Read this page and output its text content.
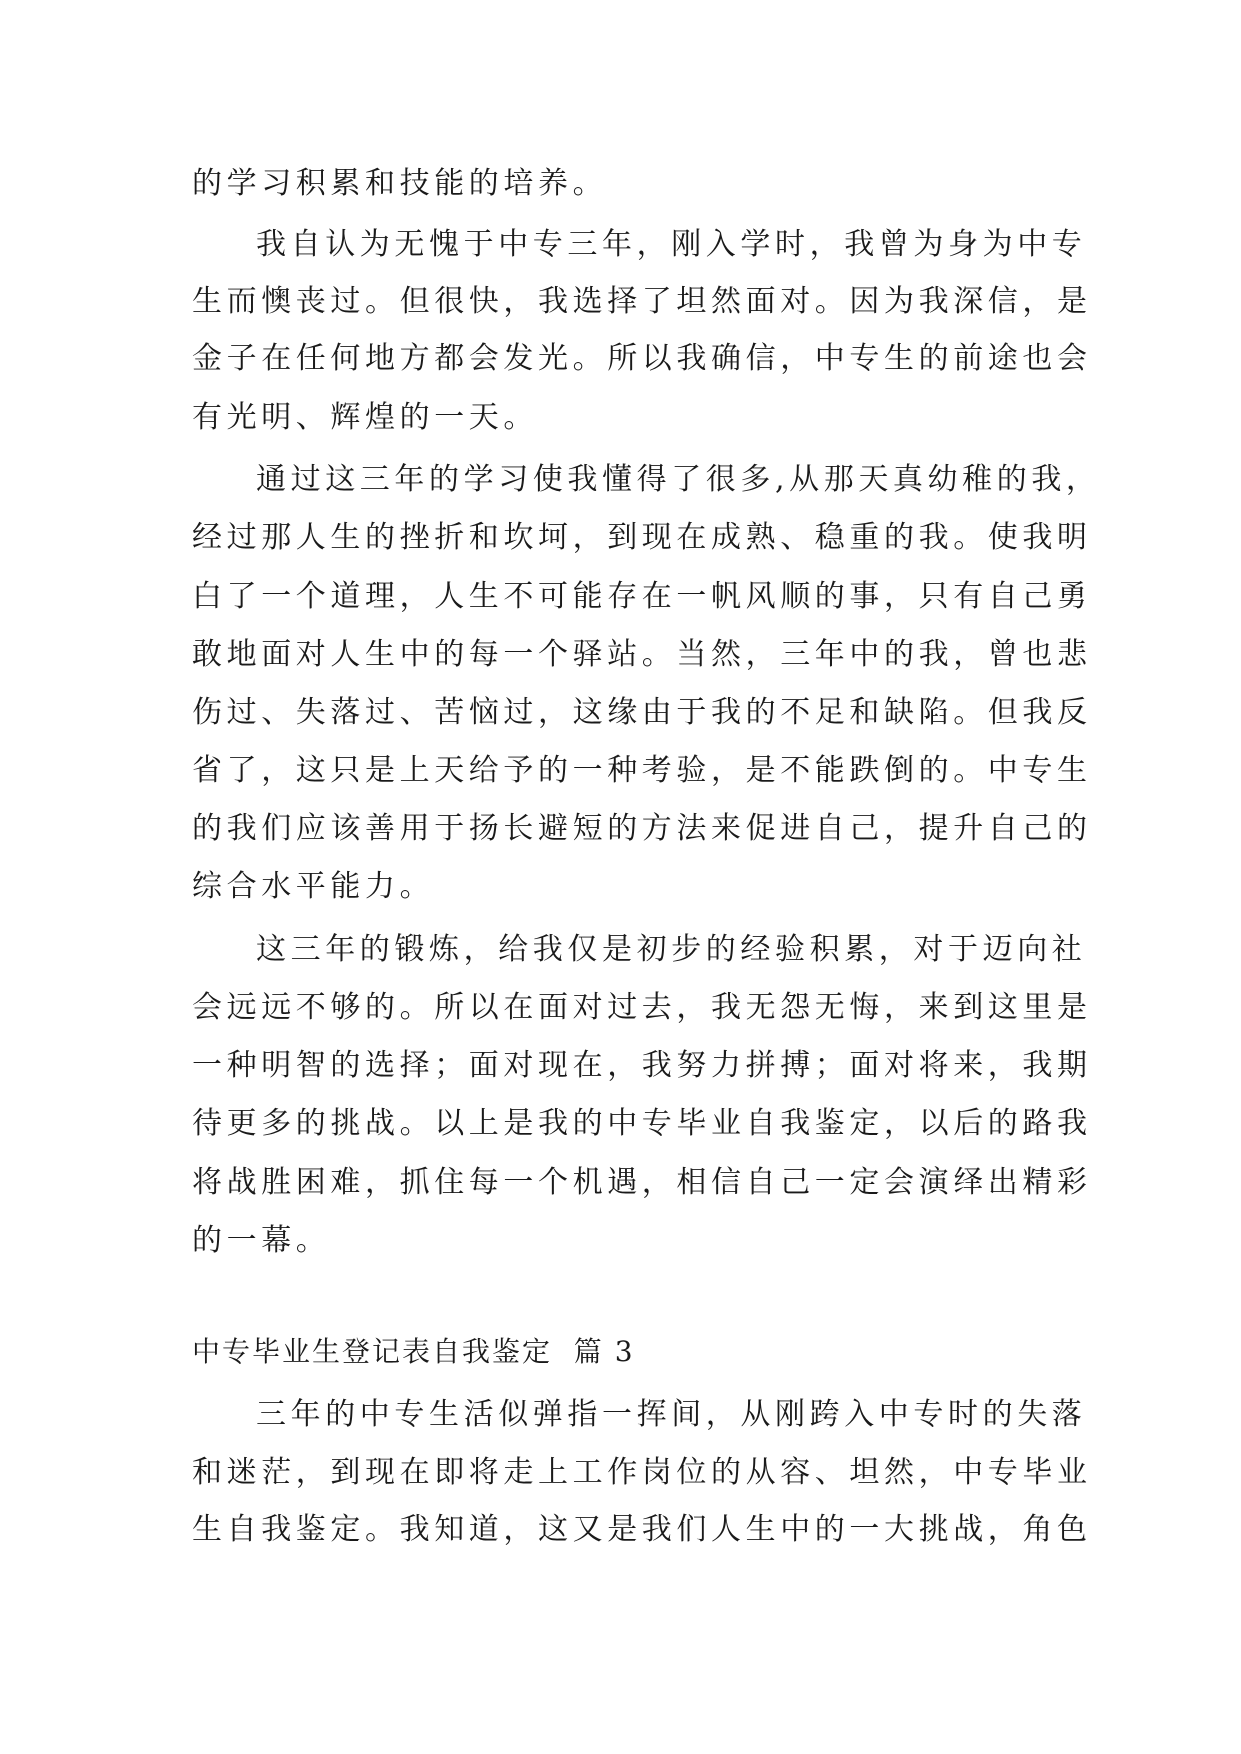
的学习积累和技能的培养。
我自认为无愧于中专三年，刚入学时，我曾为身为中专
生而懊丧过。但很快，我选择了坦然面对。因为我深信，是
金子在任何地方都会发光。所以我确信，中专生的前途也会
有光明、辉煌的一天。
通过这三年的学习使我懂得了很多,从那天真幼稚的我，
经过那人生的挫折和坎坷，到现在成熟、稳重的我。使我明
白了一个道理，人生不可能存在一帆风顺的事，只有自己勇
敢地面对人生中的每一个驿站。当然，三年中的我，曾也悲
伤过、失落过、苦恼过，这缘由于我的不足和缺陷。但我反
省了，这只是上天给予的一种考验，是不能跌倒的。中专生
的我们应该善用于扬长避短的方法来促进自己，提升自己的
综合水平能力。
这三年的锻炼，给我仅是初步的经验积累，对于迈向社
会远远不够的。所以在面对过去，我无怨无悔，来到这里是
一种明智的选择；面对现在，我努力拼搏；面对将来，我期
待更多的挑战。以上是我的中专毕业自我鉴定，以后的路我
将战胜困难，抓住每一个机遇，相信自己一定会演绎出精彩
的一幕。
中专毕业生登记表自我鉴定  篇 3
三年的中专生活似弹指一挥间，从刚跨入中专时的失落
和迷茫，到现在即将走上工作岗位的从容、坦然，中专毕业
生自我鉴定。我知道，这又是我们人生中的一大挑战，角色
